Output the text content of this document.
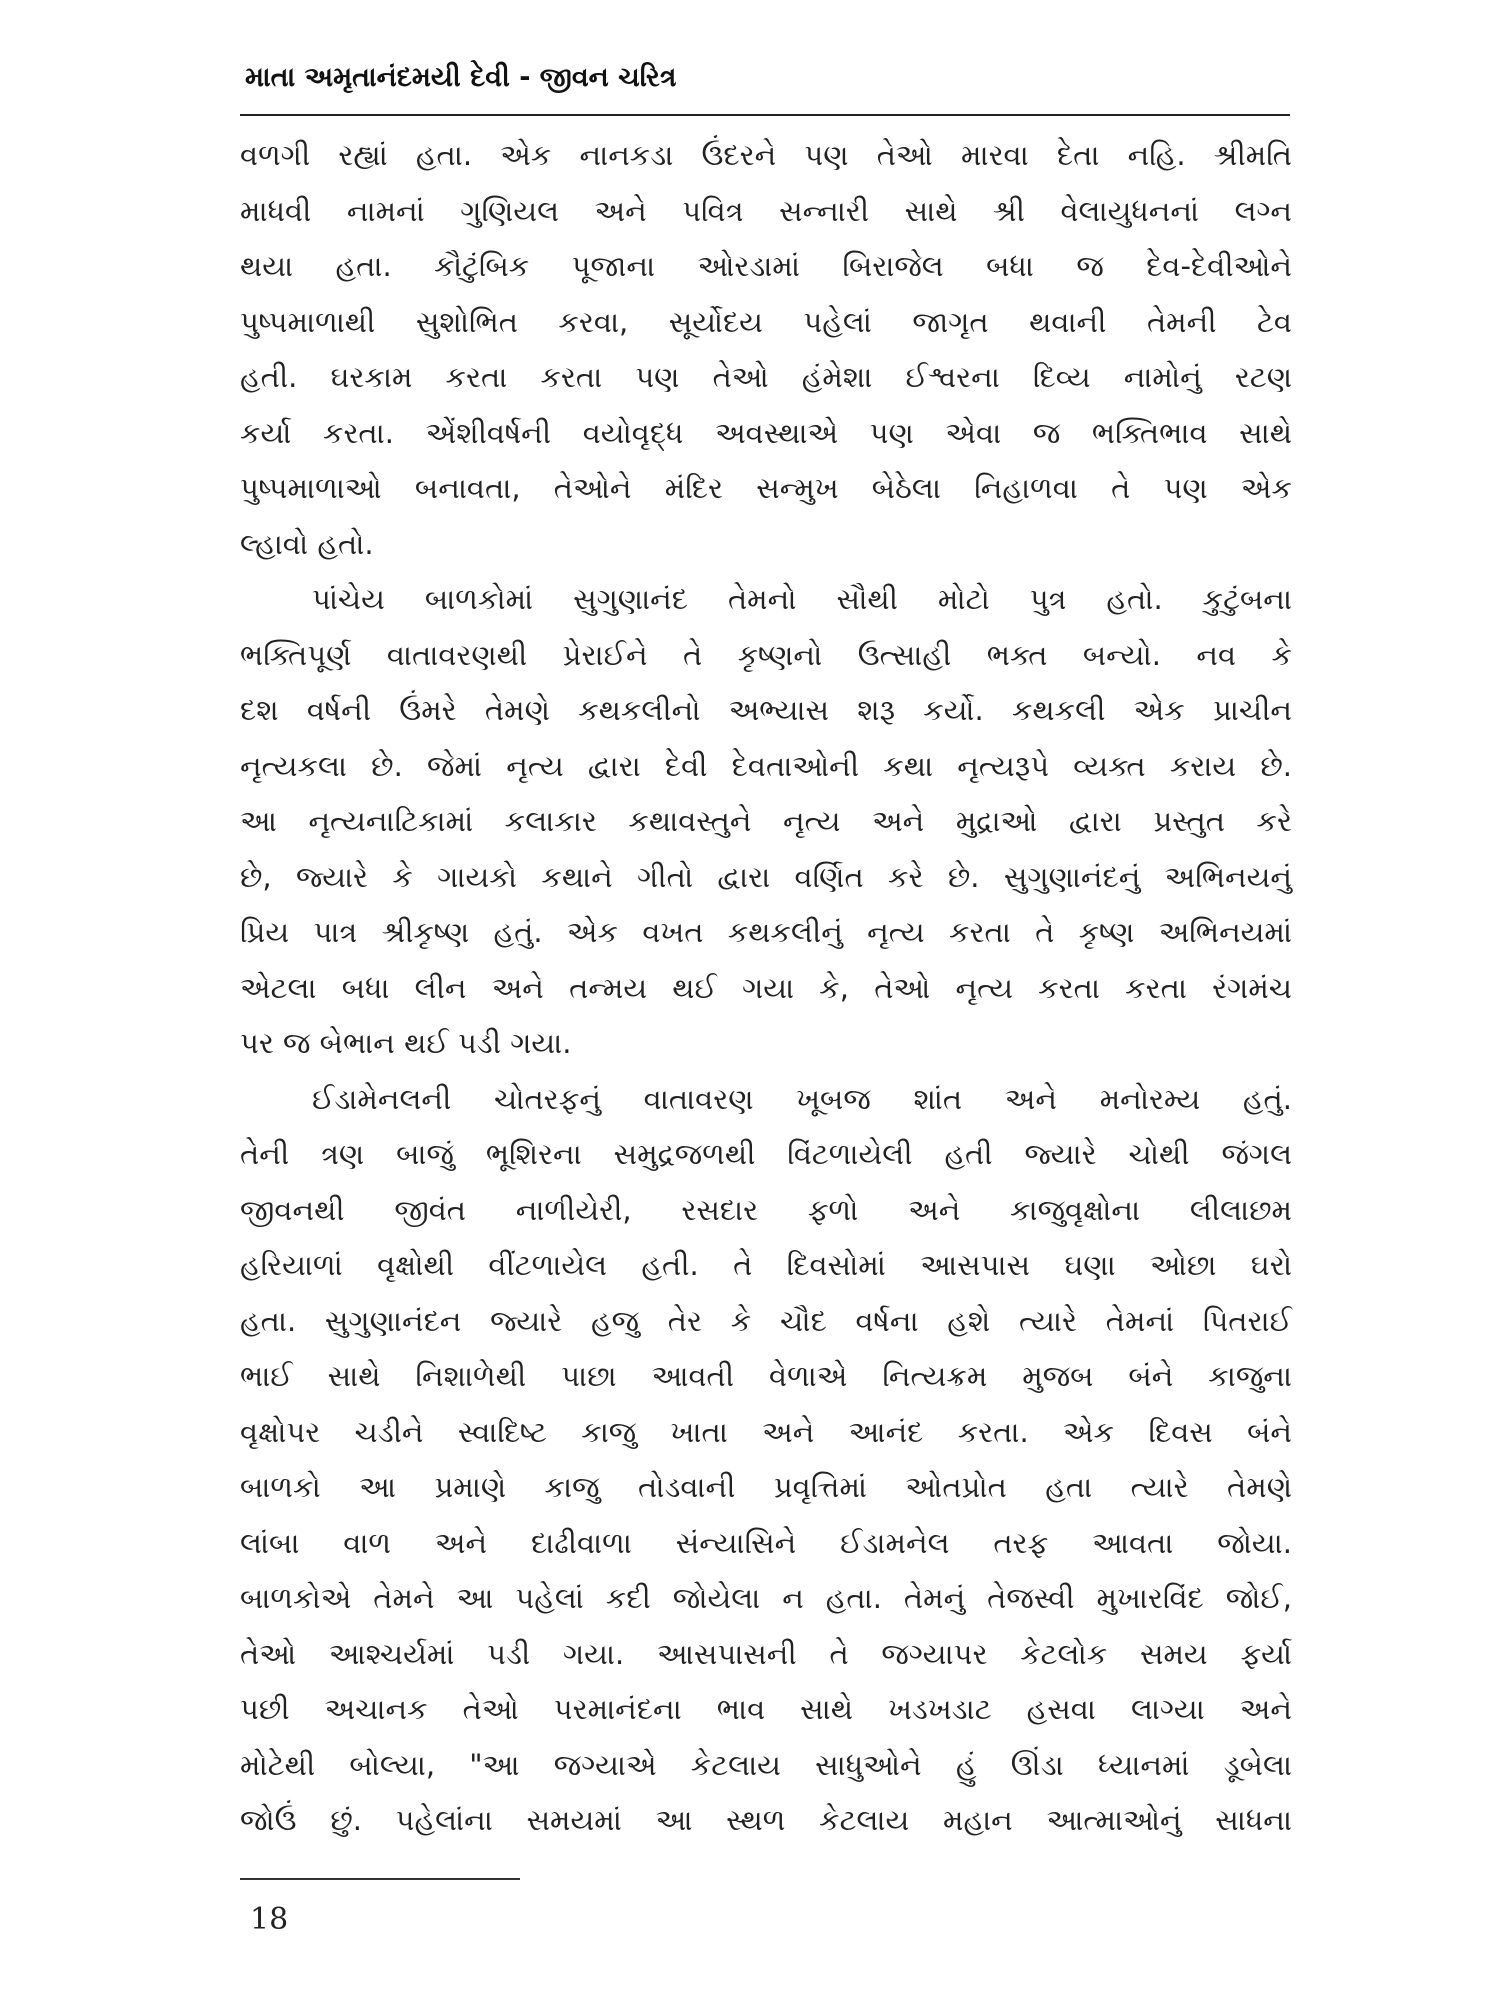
માતા અમૃતાનંદમયી દેવી - જીવન ચરિત્ર
વળગી રહ્યાં હતા. એક નાનકડા ઉંદરને પણ તેઓ મારવા દેતા નહિ. શ્રીમતિ
માધવી નામનાં ગુણિયલ અને પવિત્ર સન્નારી સાથે શ્રી વેલાયુધનનાં લગ્ન
થયા હતા. કૌટુંબિક પૂજાના ઓરડામાં બિરાજેલ બધા જ દેવ-દેવીઓને
પુષ્પમાળાથી સુશોભિત કરવા, સૂર્યોદય પહેલાં જાગૃત થવાની તેમની ટેવ
હતી. ઘરકામ કરતા કરતા પણ તેઓ હંમેશા ઈશ્વરના દિવ્ય નામોનું રટણ
કર્યા કરતા. એંશીવર્ષની વયોવૃદ્ધ અવસ્થાએ પણ એવા જ ભક્તિભાવ સાથે
પુષ્પમાળાઓ બનાવતા, તેઓને મંદિર સન્મુખ બેઠેલા નિહાળવા તે પણ એક
લ્હાવો હતો.
પાંચેય બાળકોમાં સુગુણાનંદ તેમનો સૌથી મોટો પુત્ર હતો. કુટુંબના
ભક્તિપૂર્ણ વાતાવરણથી પ્રેરાઈને તે કૃષ્ણનો ઉત્સાહી ભક્ત બન્યો. નવ કે
દશ વર્ષની ઉંમરે તેમણે કથકલીનો અભ્યાસ શરૂ કર્યો. કથકલી એક પ્રાચીન
નૃત્યકલા છે. જેમાં નૃત્ય દ્વારા દેવી દેવતાઓની કથા નૃત્યરૂપે વ્યક્ત કરાય છે.
આ નૃત્યનાટિકામાં કલાકાર કથાવસ્તુને નૃત્ય અને મુદ્રાઓ દ્વારા પ્રસ્તુત કરે
છે, જ્યારે કે ગાયકો કથાને ગીતો દ્વારા વર્ણિત કરે છે. સુગુણાનંદનું અભિનયનું
પ્રિય પાત્ર શ્રીકૃષ્ણ હતું. એક વખત કથકલીનું નૃત્ય કરતા તે કૃષ્ણ અભિનયમાં
એટલા બધા લીન અને તન્મય થઈ ગયા કે, તેઓ નૃત્ય કરતા કરતા રંગમંચ
પર જ બેભાન થઈ પડી ગયા.
ઈડામેનલની ચોતરફનું વાતાવરણ ખૂબજ શાંત અને મનોરમ્ય હતું.
તેની ત્રણ બાજું ભૂશિરના સમુદ્રજળથી વિંટળાયેલી હતી જ્યારે ચોથી જંગલ
જીવનથી જીવંત નાળીયેરી, રસદાર ફળો અને કાજુવૃક્ષોના લીલાછમ
હરિયાળાં વૃક્ષોથી વીંટળાયેલ હતી. તે દિવસોમાં આસપાસ ઘણા ઓછા ઘરો
હતા. સુગુણાનંદન જ્યારે હજુ તેર કે ચૌદ વર્ષના હશે ત્યારે તેમનાં પિતરાઈ
ભાઈ સાથે નિશાળેથી પાછા આવતી વેળાએ નિત્યક્રમ મુજબ બંને કાજુના
વૃક્ષોપર ચડીને સ્વાદિષ્ટ કાજુ ખાતા અને આનંદ કરતા. એક દિવસ બંને
બાળકો આ પ્રમાણે કાજુ તોડવાની પ્રવૃત્તિમાં ઓતપ્રોત હતા ત્યારે તેમણે
લાંબા વાળ અને દાઢીવાળા સંન્યાસિને ઈડામનેલ તરફ આવતા જોયા.
બાળકોએ તેમને આ પહેલાં કદી જોયેલા ન હતા. તેમનું તેજસ્વી મુખારવિંદ જોઈ,
તેઓ આશ્ચર્યમાં પડી ગયા. આસપાસની તે જગ્યાપર કેટલોક સમય ફર્યા
પછી અચાનક તેઓ પરમાનંદના ભાવ સાથે ખડખડાટ હસવા લાગ્યા અને
મોટેથી બોલ્યા, "આ જગ્યાએ કેટલાય સાધુઓને હું ઊંડા ધ્યાનમાં ડૂબેલા
જોઉં છું. પહેલાંના સમયમાં આ સ્થળ કેટલાય મહાન આત્માઓનું સાધના
18
